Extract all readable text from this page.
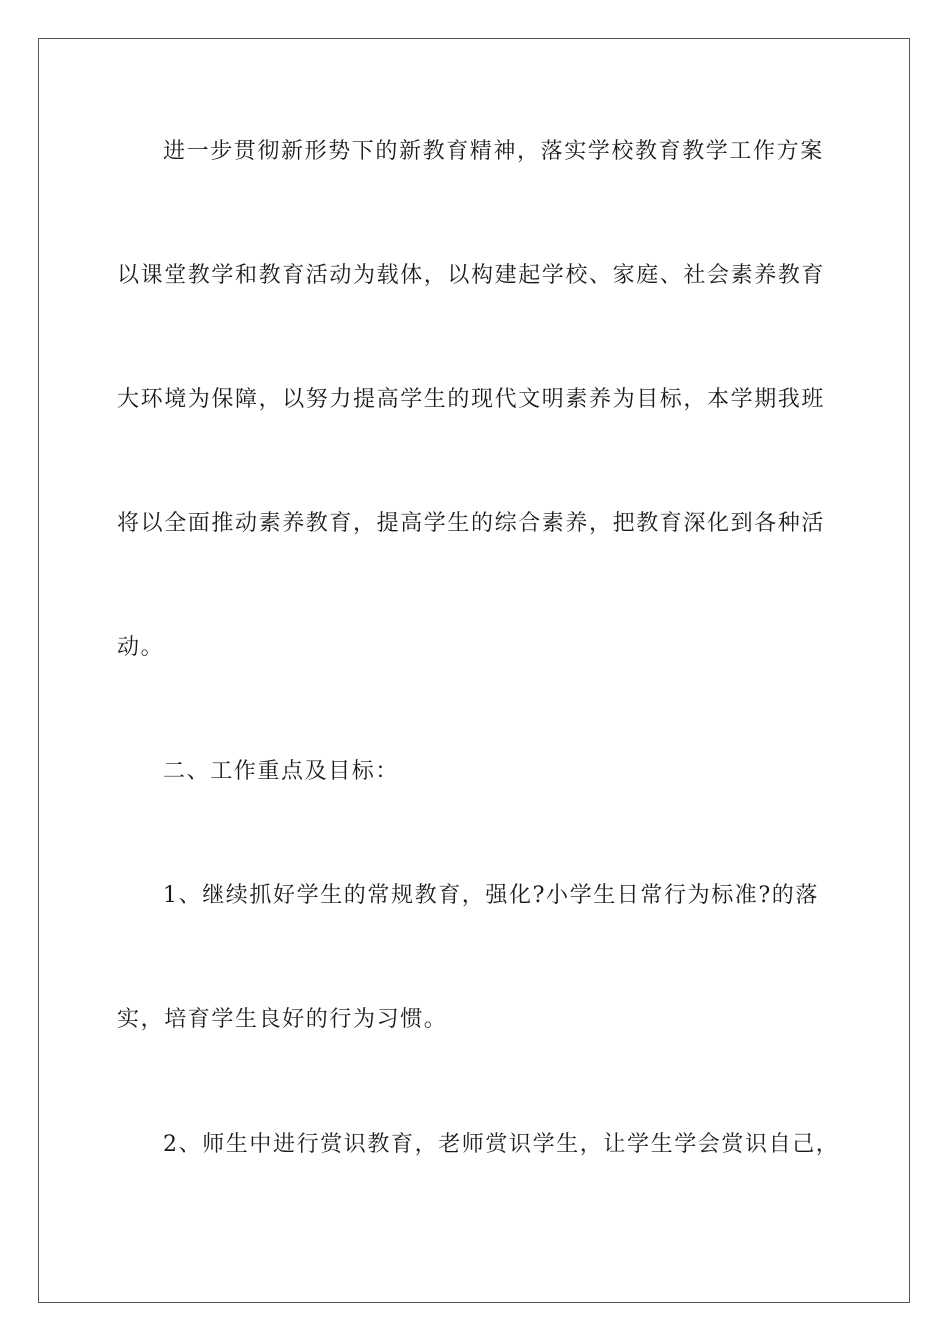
进一步贯彻新形势下的新教育精神，落实学校教育教学工作方案
以课堂教学和教育活动为载体，以构建起学校、家庭、社会素养教育
大环境为保障，以努力提高学生的现代文明素养为目标，本学期我班
将以全面推动素养教育，提高学生的综合素养，把教育深化到各种活
动。
二、工作重点及目标：
1、继续抓好学生的常规教育，强化?小学生日常行为标准?的落
实，培育学生良好的行为习惯。
2、师生中进行赏识教育，老师赏识学生，让学生学会赏识自己，
